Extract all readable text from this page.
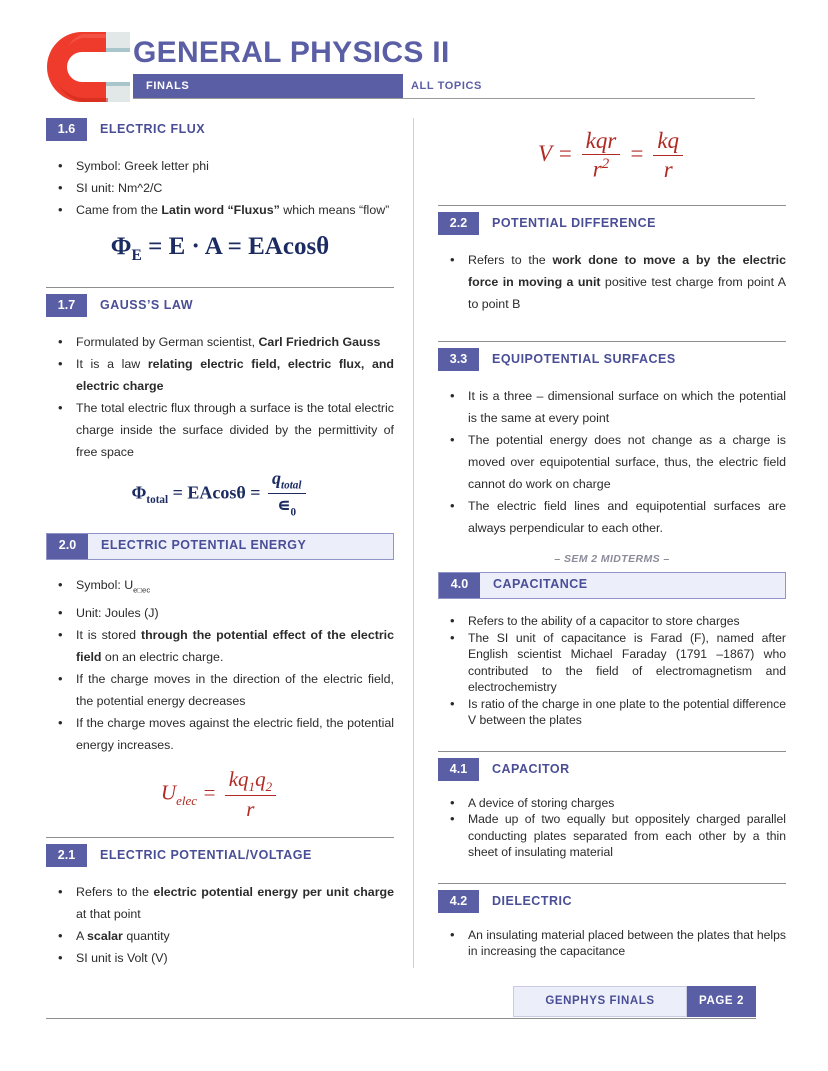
GENERAL PHYSICS II
FINALS	ALL TOPICS
1.6	ELECTRIC FLUX
• Symbol: Greek letter phi
• SI unit: Nm^2/C
• Came from the Latin word “Fluxus” which means “flow”
$\Phi_E = E \cdot A = EAcos\theta$
1.7	GAUSS’S LAW
• Formulated by German scientist, Carl Friedrich Gauss
• It is a law relating electric field, electric flux, and electric charge
• The total electric flux through a surface is the total electric charge inside the surface divided by the permittivity of free space
$\Phi_{total} = EAcos\theta = \frac{q_{total}}{∊_0}$
2.0	ELECTRIC POTENTIAL ENERGY
• Symbol: $U_{e□ec}$
• Unit: Joules (J)
• It is stored through the potential effect of the electric field on an electric charge.
• If the charge moves in the direction of the electric field, the potential energy decreases
• If the charge moves against the electric field, the potential energy increases.
$U_{elec} = \frac{kq_1q_2}{r}$
2.1	ELECTRIC POTENTIAL/VOLTAGE
• Refers to the electric potential energy per unit charge at that point
• A scalar quantity
• SI unit is Volt (V)
$V = \frac{\text{kqr}}{r^2} = \frac{kq}{r}$
2.2	POTENTIAL DIFFERENCE
• Refers to the work done to move a by the electric force in moving a unit positive test charge from point A to point B
3.3	EQUIPOTENTIAL SURFACES
• It is a three – dimensional surface on which the potential is the same at every point
• The potential energy does not change as a charge is moved over equipotential surface, thus, the electric field cannot do work on charge
• The electric field lines and equipotential surfaces are always perpendicular to each other.
– SEM 2 MIDTERMS –
4.0	CAPACITANCE
• Refers to the ability of a capacitor to store charges
• The SI unit of capacitance is Farad (F), named after English scientist Michael Faraday (1791 –1867) who contributed to the field of electromagnetism and electrochemistry
• Is ratio of the charge in one plate to the potential difference V between the plates
4.1	CAPACITOR
• A device of storing charges
• Made up of two equally but oppositely charged parallel conducting plates separated from each other by a thin sheet of insulating material
4.2	DIELECTRIC
• An insulating material placed between the plates that helps in increasing the capacitance
GENPHYS FINALS	PAGE 2
